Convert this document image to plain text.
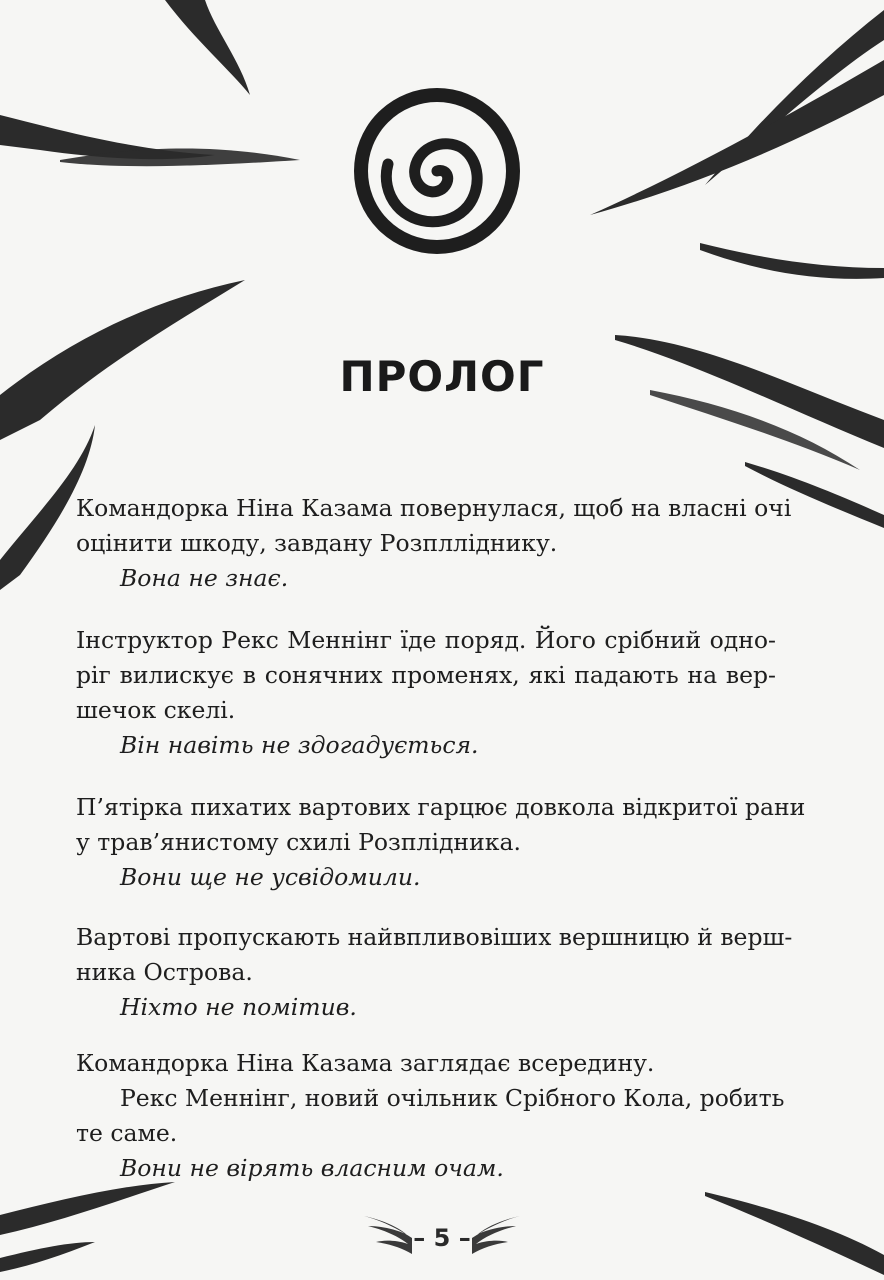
ПРОЛОГ
Командорка Ніна Казама повернулася, щоб на власні очі
оцінити шкоду, завдану Розплліднику.
Вона не знає.
Інструктор Рекс Меннінг їде поряд. Його срібний одно-
ріг вилискує в сонячних променях, які падають на вер-
шечок скелі.
Він навіть не здогадується.
П’ятірка пихатих вартових гарцює довкола відкритої рани
у трав’янистому схилі Розплідника.
Вони ще не усвідомили.
Вартові пропускають найвпливовіших вершницю й верш-
ника Острова.
Ніхто не помітив.
Командорка Ніна Казама заглядає всередину.
Рекс Меннінг, новий очільник Срібного Кола, робить
те саме.
Вони не вірять власним очам.
– 5 –
